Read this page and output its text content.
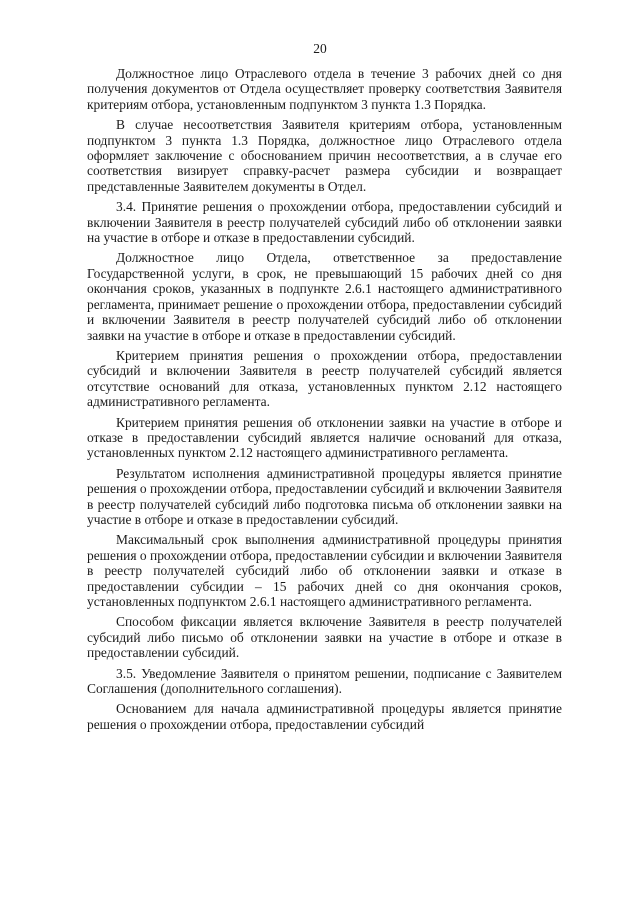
20

Должностное лицо Отраслевого отдела в течение 3 рабочих дней со дня получения документов от Отдела осуществляет проверку соответствия Заявителя критериям отбора, установленным подпунктом 3 пункта 1.3 Порядка.

В случае несоответствия Заявителя критериям отбора, установленным подпунктом 3 пункта 1.3 Порядка, должностное лицо Отраслевого отдела оформляет заключение с обоснованием причин несоответствия, а в случае его соответствия визирует справку-расчет размера субсидии и возвращает представленные Заявителем документы в Отдел.

3.4. Принятие решения о прохождении отбора, предоставлении субсидий и включении Заявителя в реестр получателей субсидий либо об отклонении заявки на участие в отборе и отказе в предоставлении субсидий.

Должностное лицо Отдела, ответственное за предоставление Государственной услуги, в срок, не превышающий 15 рабочих дней со дня окончания сроков, указанных в подпункте 2.6.1 настоящего административного регламента, принимает решение о прохождении отбора, предоставлении субсидий и включении Заявителя в реестр получателей субсидий либо об отклонении заявки на участие в отборе и отказе в предоставлении субсидий.

Критерием принятия решения о прохождении отбора, предоставлении субсидий и включении Заявителя в реестр получателей субсидий является отсутствие оснований для отказа, установленных пунктом 2.12 настоящего административного регламента.

Критерием принятия решения об отклонении заявки на участие в отборе и отказе в предоставлении субсидий является наличие оснований для отказа, установленных пунктом 2.12 настоящего административного регламента.

Результатом исполнения административной процедуры является принятие решения о прохождении отбора, предоставлении субсидий и включении Заявителя в реестр получателей субсидий либо подготовка письма об отклонении заявки на участие в отборе и отказе в предоставлении субсидий.

Максимальный срок выполнения административной процедуры принятия решения о прохождении отбора, предоставлении субсидии и включении Заявителя в реестр получателей субсидий либо об отклонении заявки и отказе в предоставлении субсидии – 15 рабочих дней со дня окончания сроков, установленных подпунктом 2.6.1 настоящего административного регламента.

Способом фиксации является включение Заявителя в реестр получателей субсидий либо письмо об отклонении заявки на участие в отборе и отказе в предоставлении субсидий.

3.5. Уведомление Заявителя о принятом решении, подписание с Заявителем Соглашения (дополнительного соглашения).

Основанием для начала административной процедуры является принятие решения о прохождении отбора, предоставлении субсидий
